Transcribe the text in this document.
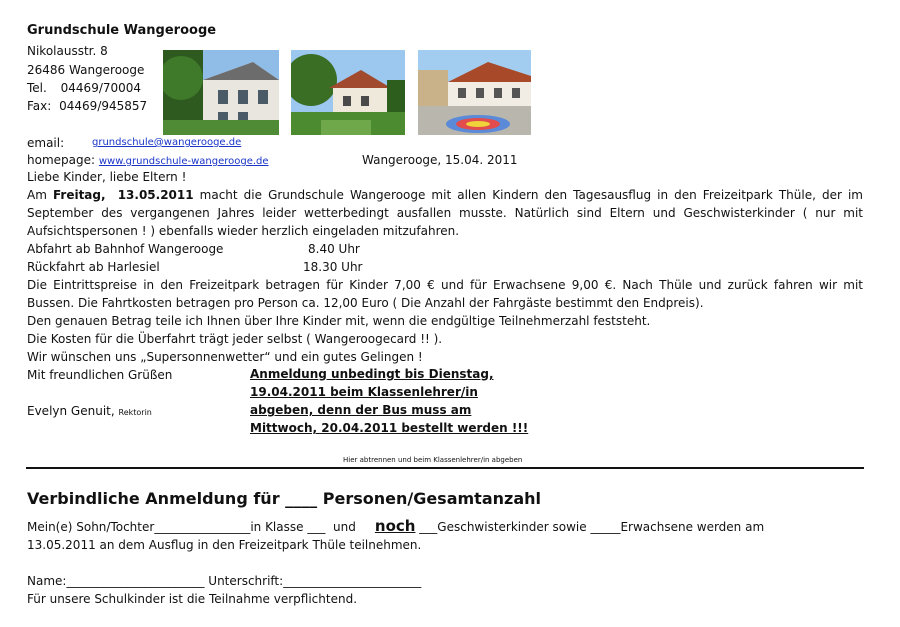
Grundschule Wangerooge
Nikolausstr. 8
26486 Wangerooge
Tel. 04469/70004
Fax: 04469/945857
email:	grundschule@wangerooge.de
homepage: www.grundschule-wangerooge.de	Wangerooge, 15.04. 2011
Liebe Kinder, liebe Eltern !
Am Freitag, 13.05.2011 macht die Grundschule Wangerooge mit allen Kindern den Tagesausflug in den Freizeitpark Thüle, der im September des vergangenen Jahres leider wetterbedingt ausfallen musste. Natürlich sind Eltern und Geschwisterkinder ( nur mit Aufsichtspersonen ! ) ebenfalls wieder herzlich eingeladen mitzufahren.
Abfahrt ab Bahnhof Wangerooge	8.40 Uhr
Rückfahrt ab Harlesiel	18.30 Uhr
Die Eintrittspreise in den Freizeitpark betragen für Kinder 7,00 € und für Erwachsene 9,00 €. Nach Thüle und zurück fahren wir mit Bussen. Die Fahrtkosten betragen pro Person ca. 12,00 Euro ( Die Anzahl der Fahrgäste bestimmt den Endpreis).
Den genauen Betrag teile ich Ihnen über Ihre Kinder mit, wenn die endgültige Teilnehmerzahl feststeht.
Die Kosten für die Überfahrt trägt jeder selbst ( Wangeroogecard !! ).
Wir wünschen uns „Supersonnenwetter“ und ein gutes Gelingen !
Mit freundlichen Grüßen
Evelyn Genuit, Rektorin
Anmeldung unbedingt bis Dienstag,
19.04.2011 beim Klassenlehrer/in
abgeben, denn der Bus muss am
Mittwoch, 20.04.2011 bestellt werden !!!
Hier abtrennen und beim Klassenlehrer/in abgeben
Verbindliche Anmeldung für ____ Personen/Gesamtanzahl
Mein(e) Sohn/Tochter________________in Klasse ___ und noch ___Geschwisterkinder sowie _____Erwachsene werden am
13.05.2011 an dem Ausflug in den Freizeitpark Thüle teilnehmen.
Name:_______________________ Unterschrift:_______________________
Für unsere Schulkinder ist die Teilnahme verpflichtend.
